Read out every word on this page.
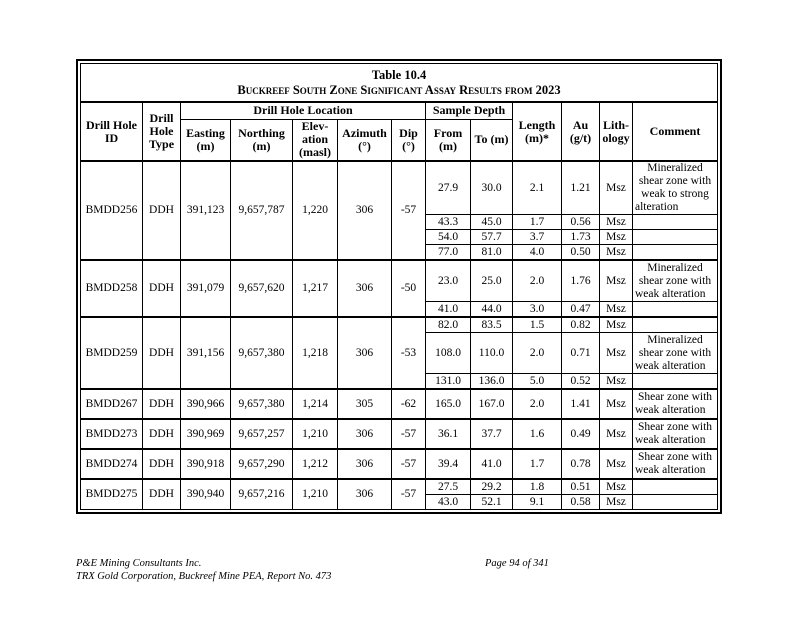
Table 10.4
Buckreef South Zone Significant Assay Results from 2023												

Drill Hole ID	Drill Hole Type	Drill Hole Location					Sample Depth		Length (m)*	Au (g/t)	Lith-ology	Comment
		Easting (m)	Northing (m)	Elev-ation (masl)	Azimuth (°)	Dip (°)	From (m)	To (m)				
BMDD256	DDH	391,123	9,657,787	1,220	306	-57	27.9	30.0	2.1	1.21	Msz	Mineralized shear zone with weak to strong alteration
							43.3	45.0	1.7	0.56	Msz	
							54.0	57.7	3.7	1.73	Msz	
							77.0	81.0	4.0	0.50	Msz	
BMDD258	DDH	391,079	9,657,620	1,217	306	-50	23.0	25.0	2.0	1.76	Msz	Mineralized shear zone with weak alteration
							41.0	44.0	3.0	0.47	Msz	
BMDD259	DDH	391,156	9,657,380	1,218	306	-53	82.0	83.5	1.5	0.82	Msz	
							108.0	110.0	2.0	0.71	Msz	Mineralized shear zone with weak alteration
							131.0	136.0	5.0	0.52	Msz	
BMDD267	DDH	390,966	9,657,380	1,214	305	-62	165.0	167.0	2.0	1.41	Msz	Shear zone with weak alteration
BMDD273	DDH	390,969	9,657,257	1,210	306	-57	36.1	37.7	1.6	0.49	Msz	Shear zone with weak alteration
BMDD274	DDH	390,918	9,657,290	1,212	306	-57	39.4	41.0	1.7	0.78	Msz	Shear zone with weak alteration
BMDD275	DDH	390,940	9,657,216	1,210	306	-57	27.5	29.2	1.8	0.51	Msz	
							43.0	52.1	9.1	0.58	Msz	
P&E Mining Consultants Inc.
TRX Gold Corporation, Buckreef Mine PEA, Report No. 473
Page 94 of 341
